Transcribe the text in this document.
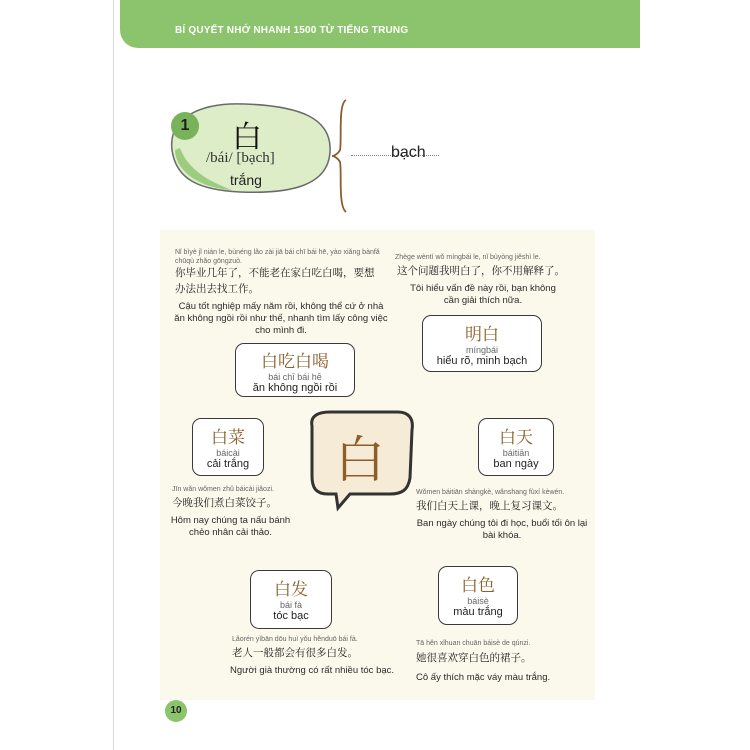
BÍ QUYẾT NHỚ NHANH 1500 TỪ TIẾNG TRUNG
1	白
/bái/ [bạch]
trắng
bạch
白
Nǐ bìyè jǐ nián le, bùnéng lǎo zài jiā bái chī bái hē, yào xiǎng bànfǎ chūqù zhǎo gōngzuò.
你毕业几年了，不能老在家白吃白喝，要想办法出去找工作。
Cậu tốt nghiệp mấy năm rồi, không thể cứ ở nhà ăn không ngồi rồi như thế, nhanh tìm lấy công việc cho mình đi.
Zhège wèntí wǒ míngbái le, nǐ bùyòng jiěshì le.
这个问题我明白了，你不用解释了。
Tôi hiểu vấn đề này rồi, bạn không cần giải thích nữa.
白吃白喝
bái chī bái hē
ăn không ngồi rồi
明白
míngbái
hiểu rõ, minh bạch
白菜
báicài
cải trắng
白天
báitiān
ban ngày
白发
bái fà
tóc bạc
白色
báisè
màu trắng
Jīn wǎn wǒmen zhǔ báicài jiǎozi.
今晚我们煮白菜饺子。
Hôm nay chúng ta nấu bánh chẻo nhân cải thảo.
Wǒmen báitiān shàngkè, wǎnshang fùxí kèwén.
我们白天上课，晚上复习课文。
Ban ngày chúng tôi đi học, buổi tối ôn lại bài khóa.
Lǎorén yìbān dōu huì yǒu hěnduō bái fà.
老人一般都会有很多白发。
Người già thường có rất nhiều tóc bạc.
Tā hěn xǐhuan chuān báisè de qúnzi.
她很喜欢穿白色的裙子。
Cô ấy thích mặc váy màu trắng.
10
